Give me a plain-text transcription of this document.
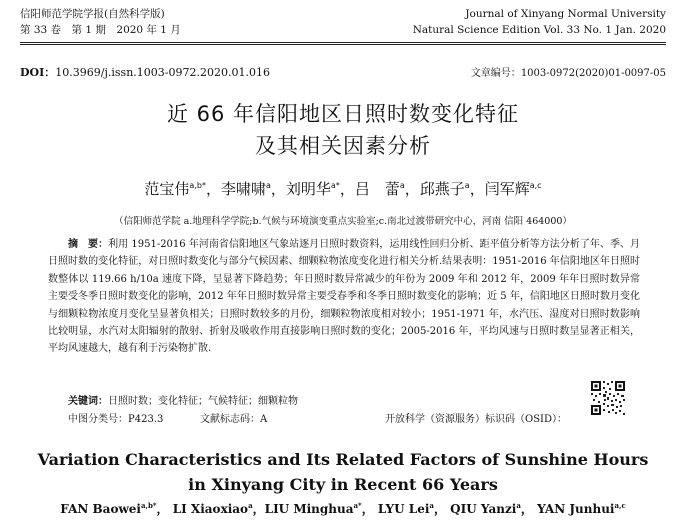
信阳师范学院学报(自然科学版)
第 33 卷　第 1 期　2020 年 1 月
Journal of Xinyang Normal University
Natural Science Edition Vol. 33 No. 1 Jan. 2020
DOI：10.3969/j.issn.1003-0972.2020.01.016	文章编号：1003-0972(2020)01-0097-05
近 66 年信阳地区日照时数变化特征
及其相关因素分析
范宝伟$^{a,b*}$，李啸啸$^a$，刘明华$^{a*}$，吕　蕾$^a$，邱燕子$^a$，闫军辉$^{a,c}$
（信阳师范学院 a.地理科学学院;b.气候与环境演变重点实验室;c.南北过渡带研究中心，河南 信阳 464000）
摘　要：利用 1951-2016 年河南省信阳地区气象站逐月日照时数资料，运用线性回归分析、距平值分析等方法分析了年、季、月日照时数的变化特征，对日照时数变化与部分气候因素、细颗粒物浓度变化进行相关分析.结果表明：1951-2016 年信阳地区年日照时数整体以 119.66 h/10a 速度下降，呈显著下降趋势；年日照时数异常减少的年份为 2009 年和 2012 年，2009 年年日照时数异常主要受冬季日照时数变化的影响，2012 年年日照时数异常主要受春季和冬季日照时数变化的影响；近 5 年，信阳地区日照时数月变化与细颗粒物浓度月变化呈显著负相关；日照时数较多的月份，细颗粒物浓度相对较小；1951-1971 年，水汽压、湿度对日照时数影响比较明显，水汽对太阳辐射的散射、折射及吸收作用直接影响日照时数的变化；2005-2016 年，平均风速与日照时数呈显著正相关，平均风速越大，越有利于污染物扩散.
关键词：日照时数；变化特征；气候特征；细颗粒物
中图分类号：P423.3	文献标志码：A	开放科学（资源服务）标识码（OSID）：
Variation Characteristics and Its Related Factors of Sunshine Hours
in Xinyang City in Recent 66 Years
FAN Baowei$^{a,b*}$， LI Xiaoxiao$^a$，LIU Minghua$^{a*}$， LYU Lei$^a$， QIU Yanzi$^a$， YAN Junhui$^{a,c}$
